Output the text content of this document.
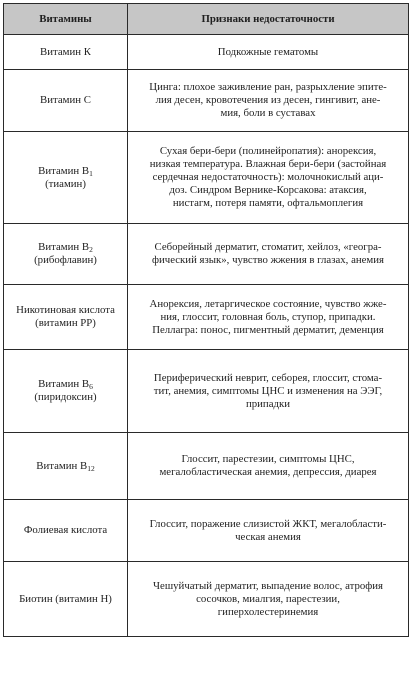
Витамины	Признаки недостаточности

Витамин К	Подкожные гематомы

Витамин С	Цинга: плохое заживление ран, разрыхление эпите-
лия десен, кровотечения из десен, гингивит, ане-
мия, боли в суставах

Витамин $В_1$
(тиамин)	Сухая бери-бери (полинейропатия): анорексия,
низкая температура. Влажная бери-бери (застойная
сердечная недостаточность): молочнокислый аци-
доз. Синдром Вернике-Корсакова: атаксия,
нистагм, потеря памяти, офтальмоплегия

Витамин $В_2$
(рибофлавин)	Себорейный дерматит, стоматит, хейлоз, «геогра-
фический язык», чувство жжения в глазах, анемия

Никотиновая кислота
(витамин РР)	Анорексия, летаргическое состояние, чувство жже-
ния, глоссит, головная боль, ступор, припадки.
Пеллагра: понос, пигментный дерматит, деменция

Витамин $В_6$
(пиридоксин)	Периферический неврит, себорея, глоссит, стома-
тит, анемия, симптомы ЦНС и изменения на ЭЭГ,
припадки

Витамин $В_{12}$	Глоссит, парестезии, симптомы ЦНС,
мегалобластическая анемия, депрессия, диарея

Фолиевая кислота	Глоссит, поражение слизистой ЖКТ, мегалобласти-
ческая анемия

Биотин (витамин Н)	Чешуйчатый дерматит, выпадение волос, атрофия
сосочков, миалгия, парестезии,
гиперхолестеринемия
